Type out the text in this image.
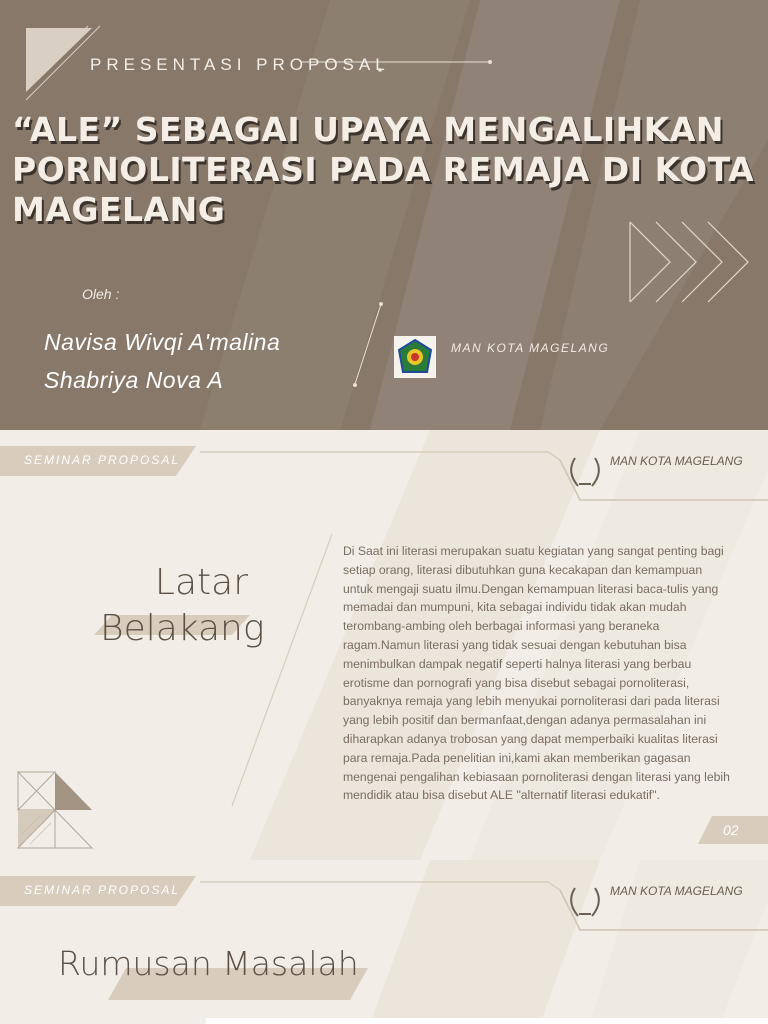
PRESENTASI PROPOSAL
“ALE” SEBAGAI UPAYA MENGALIHKAN
PORNOLITERASI PADA REMAJA DI KOTA
MAGELANG
Oleh :
Navisa Wivqi A'malina
Shabriya Nova A
MAN KOTA MAGELANG
SEMINAR PROPOSAL	MAN KOTA MAGELANG
Latar
Belakang
Di Saat ini literasi merupakan suatu kegiatan yang sangat penting bagi
setiap orang, literasi dibutuhkan guna kecakapan dan kemampuan
untuk mengaji suatu ilmu.Dengan kemampuan literasi baca-tulis yang
memadai dan mumpuni, kita sebagai individu tidak akan mudah
terombang-ambing oleh berbagai informasi yang beraneka
ragam.Namun literasi yang tidak sesuai dengan kebutuhan bisa
menimbulkan dampak negatif seperti halnya literasi yang berbau
erotisme dan pornografi yang bisa disebut sebagai pornoliterasi,
banyaknya remaja yang lebih menyukai pornoliterasi dari pada literasi
yang lebih positif dan bermanfaat,dengan adanya permasalahan ini
diharapkan adanya trobosan yang dapat memperbaiki kualitas literasi
para remaja.Pada penelitian ini,kami akan memberikan gagasan
mengenai pengalihan kebiasaan pornoliterasi dengan literasi yang lebih
mendidik atau bisa disebut ALE "alternatif literasi edukatif".
02
SEMINAR PROPOSAL	MAN KOTA MAGELANG
Rumusan Masalah
